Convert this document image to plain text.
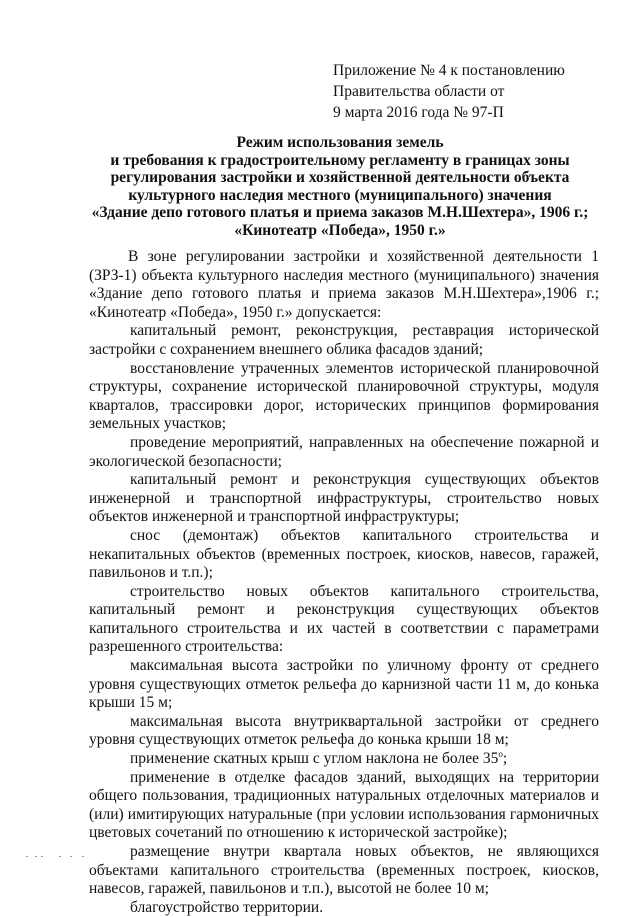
Приложение № 4 к постановлению
Правительства области от
9 марта 2016 года № 97-П
Режим использования земель
и требования к градостроительному регламенту в границах зоны
регулирования застройки и хозяйственной деятельности объекта
культурного наследия местного (муниципального) значения
«Здание депо готового платья и приема заказов М.Н.Шехтера», 1906 г.;
«Кинотеатр «Победа», 1950 г.»

В зоне регулировании застройки и хозяйственной деятельности 1 (ЗРЗ-1) объекта культурного наследия местного (муниципального) значения «Здание депо готового платья и приема заказов М.Н.Шехтера»,1906 г.; «Кинотеатр «Победа», 1950 г.» допускается:

капитальный ремонт, реконструкция, реставрация исторической застройки с сохранением внешнего облика фасадов зданий;

восстановление утраченных элементов исторической планировочной структуры, сохранение исторической планировочной структуры, модуля кварталов, трассировки дорог, исторических принципов формирования земельных участков;

проведение мероприятий, направленных на обеспечение пожарной и экологической безопасности;

капитальный ремонт и реконструкция существующих объектов инженерной и транспортной инфраструктуры, строительство новых объектов инженерной и транспортной инфраструктуры;

снос (демонтаж) объектов капитального строительства и некапитальных объектов (временных построек, киосков, навесов, гаражей, павильонов и т.п.);

строительство новых объектов капитального строительства, капитальный ремонт и реконструкция существующих объектов капитального строительства и их частей в соответствии с параметрами разрешенного строительства:

максимальная высота застройки по уличному фронту от среднего уровня существующих отметок рельефа до карнизной части 11 м, до конька крыши 15 м;

максимальная высота внутриквартальной застройки от среднего уровня существующих отметок рельефа до конька крыши 18 м;

применение скатных крыш с углом наклона не более 35$^o$;

применение в отделке фасадов зданий, выходящих на территории общего пользования, традиционных натуральных отделочных материалов и (или) имитирующих натуральные (при условии использования гармоничных цветовых сочетаний по отношению к исторической застройке);

размещение внутри квартала новых объектов, не являющихся объектами капитального строительства (временных построек, киосков, навесов, гаражей, павильонов и т.п.), высотой не более 10 м;

благоустройство территории.
